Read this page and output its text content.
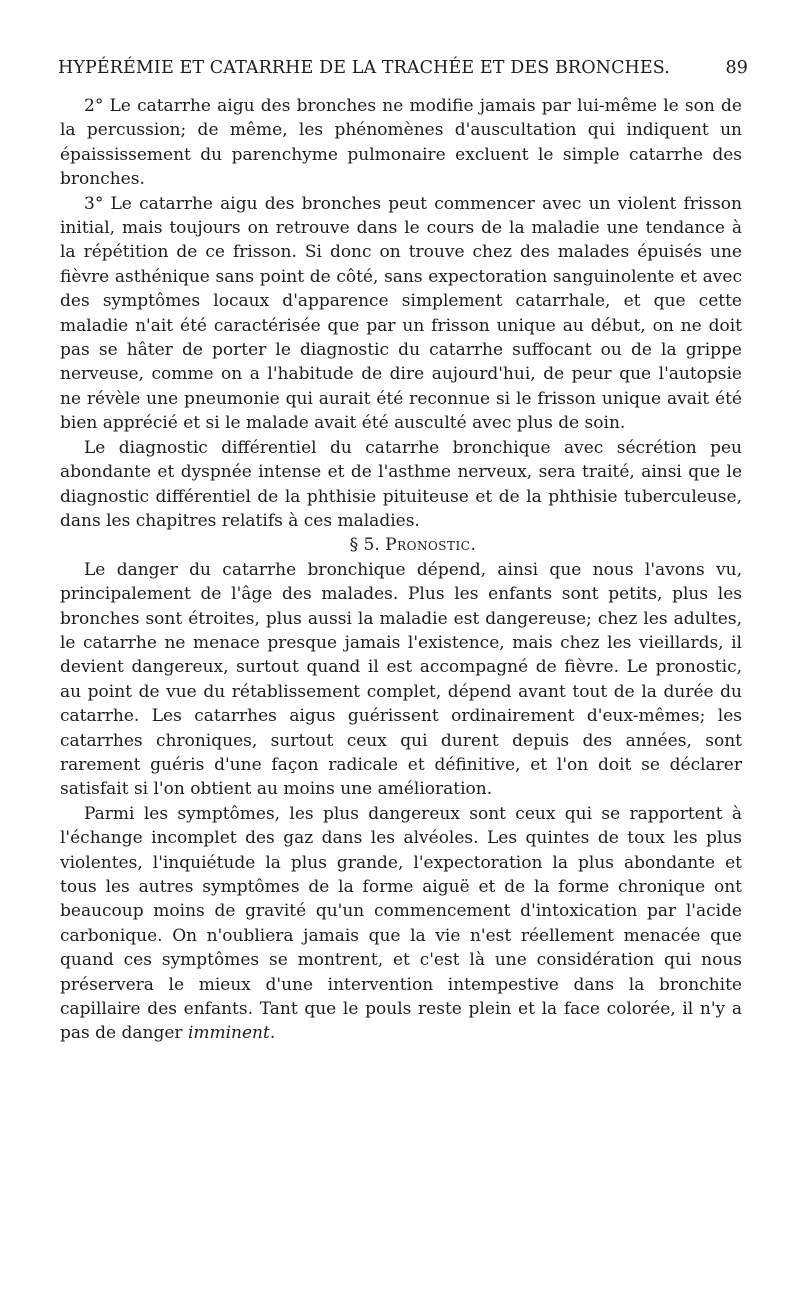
HYPÉRÉMIE ET CATARRHE DE LA TRACHÉE ET DES BRONCHES.	89

2° Le catarrhe aigu des bronches ne modifie jamais par lui-même le son de la percussion; de même, les phénomènes d'auscultation qui indiquent un épaississement du parenchyme pulmonaire excluent le simple catarrhe des bronches.

3° Le catarrhe aigu des bronches peut commencer avec un violent frisson initial, mais toujours on retrouve dans le cours de la maladie une tendance à la répétition de ce frisson. Si donc on trouve chez des malades épuisés une fièvre asthénique sans point de côté, sans expectoration sanguinolente et avec des symptômes locaux d'apparence simplement catarrhale, et que cette maladie n'ait été caractérisée que par un frisson unique au début, on ne doit pas se hâter de porter le diagnostic du catarrhe suffocant ou de la grippe nerveuse, comme on a l'habitude de dire aujourd'hui, de peur que l'autopsie ne révèle une pneumonie qui aurait été reconnue si le frisson unique avait été bien apprécié et si le malade avait été ausculté avec plus de soin.

Le diagnostic différentiel du catarrhe bronchique avec sécrétion peu abondante et dyspnée intense et de l'asthme nerveux, sera traité, ainsi que le diagnostic différentiel de la phthisie pituiteuse et de la phthisie tuberculeuse, dans les chapitres relatifs à ces maladies.

§ 5. Pronostic.

Le danger du catarrhe bronchique dépend, ainsi que nous l'avons vu, principalement de l'âge des malades. Plus les enfants sont petits, plus les bronches sont étroites, plus aussi la maladie est dangereuse; chez les adultes, le catarrhe ne menace presque jamais l'existence, mais chez les vieillards, il devient dangereux, surtout quand il est accompagné de fièvre. Le pronostic, au point de vue du rétablissement complet, dépend avant tout de la durée du catarrhe. Les catarrhes aigus guérissent ordinairement d'eux-mêmes; les catarrhes chroniques, surtout ceux qui durent depuis des années, sont rarement guéris d'une façon radicale et définitive, et l'on doit se déclarer satisfait si l'on obtient au moins une amélioration.

Parmi les symptômes, les plus dangereux sont ceux qui se rapportent à l'échange incomplet des gaz dans les alvéoles. Les quintes de toux les plus violentes, l'inquiétude la plus grande, l'expectoration la plus abondante et tous les autres symptômes de la forme aiguë et de la forme chronique ont beaucoup moins de gravité qu'un commencement d'intoxication par l'acide carbonique. On n'oubliera jamais que la vie n'est réellement menacée que quand ces symptômes se montrent, et c'est là une considération qui nous préservera le mieux d'une intervention intempestive dans la bronchite capillaire des enfants. Tant que le pouls reste plein et la face colorée, il n'y a pas de danger imminent.
